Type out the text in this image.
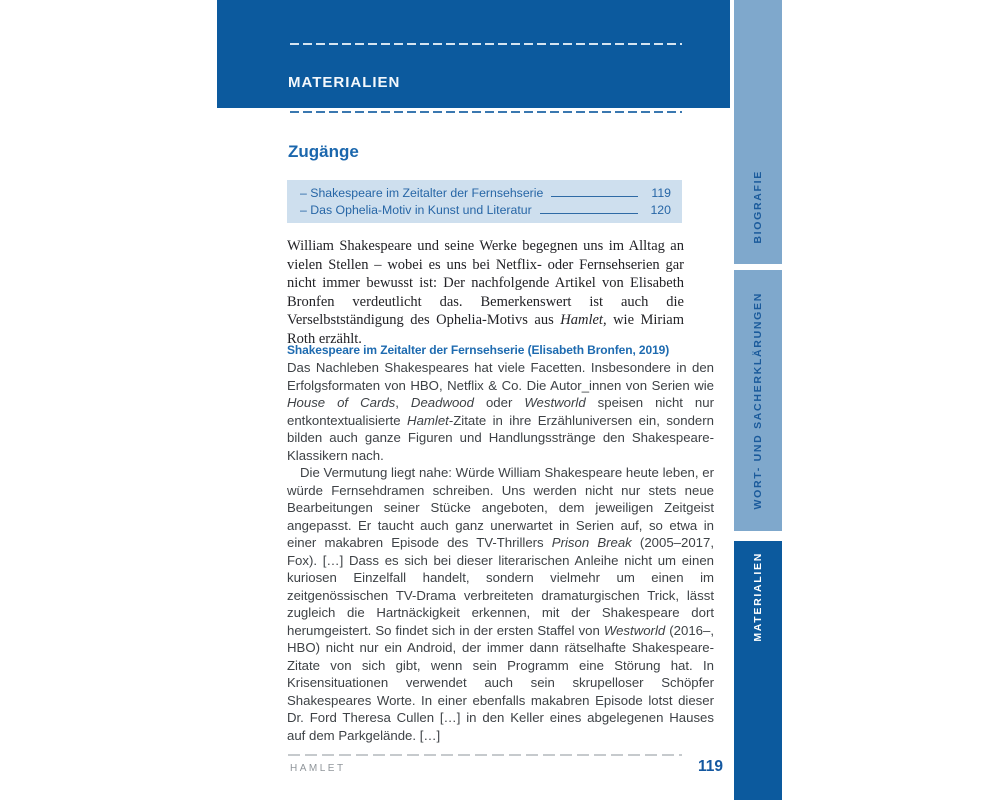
MATERIALIEN
Zugänge
– Shakespeare im Zeitalter der Fernsehserie	119
– Das Ophelia-Motiv in Kunst und Literatur	120

William Shakespeare und seine Werke begegnen uns im Alltag an vielen Stellen – wobei es uns bei Netflix- oder Fernsehserien gar nicht immer bewusst ist: Der nachfolgende Artikel von Elisabeth Bronfen verdeutlicht das. Bemerkenswert ist auch die Verselbstständigung des Ophelia-Motivs aus Hamlet, wie Miriam Roth erzählt.

Shakespeare im Zeitalter der Fernsehserie (Elisabeth Bronfen, 2019)

Das Nachleben Shakespeares hat viele Facetten. Insbesondere in den Erfolgsformaten von HBO, Netflix & Co. Die Autor_innen von Serien wie House of Cards, Deadwood oder Westworld speisen nicht nur entkontextualisierte Hamlet-Zitate in ihre Erzähluniversen ein, sondern bilden auch ganze Figuren und Handlungsstränge den Shakespeare-Klassikern nach.

Die Vermutung liegt nahe: Würde William Shakespeare heute leben, er würde Fernsehdramen schreiben. Uns werden nicht nur stets neue Bearbeitungen seiner Stücke angeboten, dem jeweiligen Zeitgeist angepasst. Er taucht auch ganz unerwartet in Serien auf, so etwa in einer makabren Episode des TV-Thrillers Prison Break (2005–2017, Fox). […] Dass es sich bei dieser literarischen Anleihe nicht um einen kuriosen Einzelfall handelt, sondern vielmehr um einen im zeitgenössischen TV-Drama verbreiteten dramaturgischen Trick, lässt zugleich die Hartnäckigkeit erkennen, mit der Shakespeare dort herumgeistert. So findet sich in der ersten Staffel von Westworld (2016–, HBO) nicht nur ein Android, der immer dann rätselhafte Shakespeare-Zitate von sich gibt, wenn sein Programm eine Störung hat. In Krisensituationen verwendet auch sein skrupelloser Schöpfer Shakespeares Worte. In einer ebenfalls makabren Episode lotst dieser Dr. Ford Theresa Cullen […] in den Keller eines abgelegenen Hauses auf dem Parkgelände. […]

HAMLET	119
BIOGRAFIE
WORT- UND SACHERKLÄRUNGEN
MATERIALIEN
